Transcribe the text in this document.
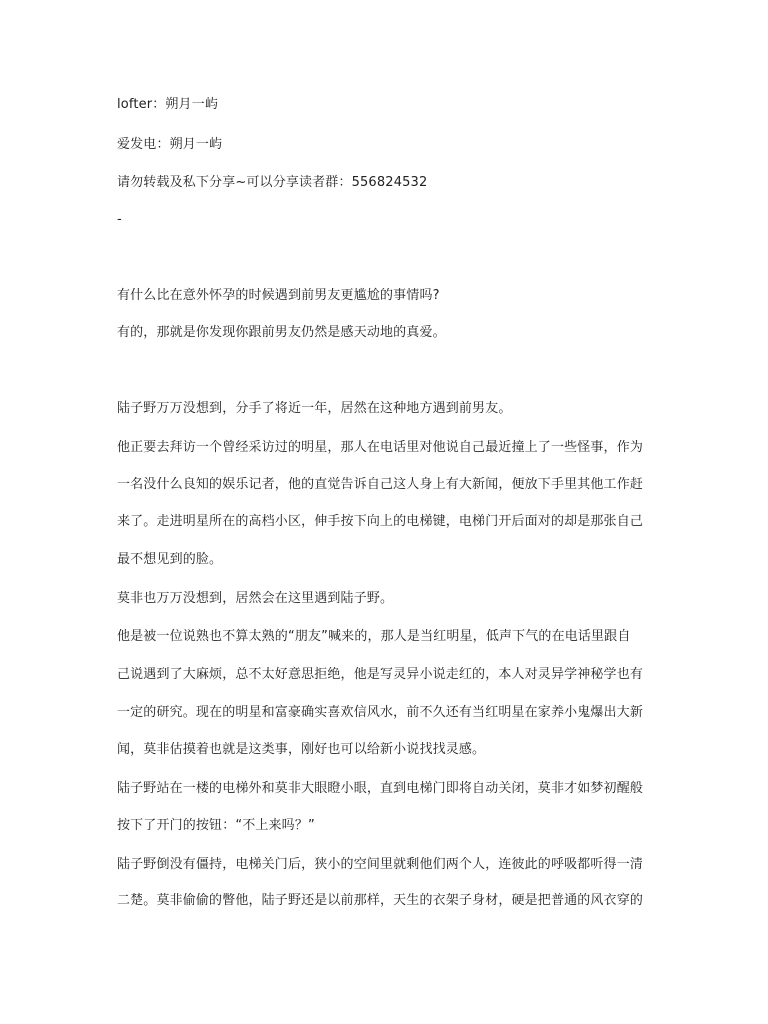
lofter：朔月一屿
爱发电：朔月一屿
请勿转载及私下分享~可以分享读者群：556824532
-
有什么比在意外怀孕的时候遇到前男友更尴尬的事情吗?
有的，那就是你发现你跟前男友仍然是感天动地的真爱。
陆子野万万没想到，分手了将近一年，居然在这种地方遇到前男友。
他正要去拜访一个曾经采访过的明星，那人在电话里对他说自己最近撞上了一些怪事，作为
一名没什么良知的娱乐记者，他的直觉告诉自己这人身上有大新闻，便放下手里其他工作赶
来了。走进明星所在的高档小区，伸手按下向上的电梯键，电梯门开后面对的却是那张自己
最不想见到的脸。
莫非也万万没想到，居然会在这里遇到陆子野。
他是被一位说熟也不算太熟的“朋友”喊来的，那人是当红明星，低声下气的在电话里跟自
己说遇到了大麻烦，总不太好意思拒绝，他是写灵异小说走红的，本人对灵异学神秘学也有
一定的研究。现在的明星和富豪确实喜欢信风水，前不久还有当红明星在家养小鬼爆出大新
闻，莫非估摸着也就是这类事，刚好也可以给新小说找找灵感。
陆子野站在一楼的电梯外和莫非大眼瞪小眼，直到电梯门即将自动关闭，莫非才如梦初醒般
按下了开门的按钮：“不上来吗？”
陆子野倒没有僵持，电梯关门后，狭小的空间里就剩他们两个人，连彼此的呼吸都听得一清
二楚。莫非偷偷的瞥他，陆子野还是以前那样，天生的衣架子身材，硬是把普通的风衣穿的
